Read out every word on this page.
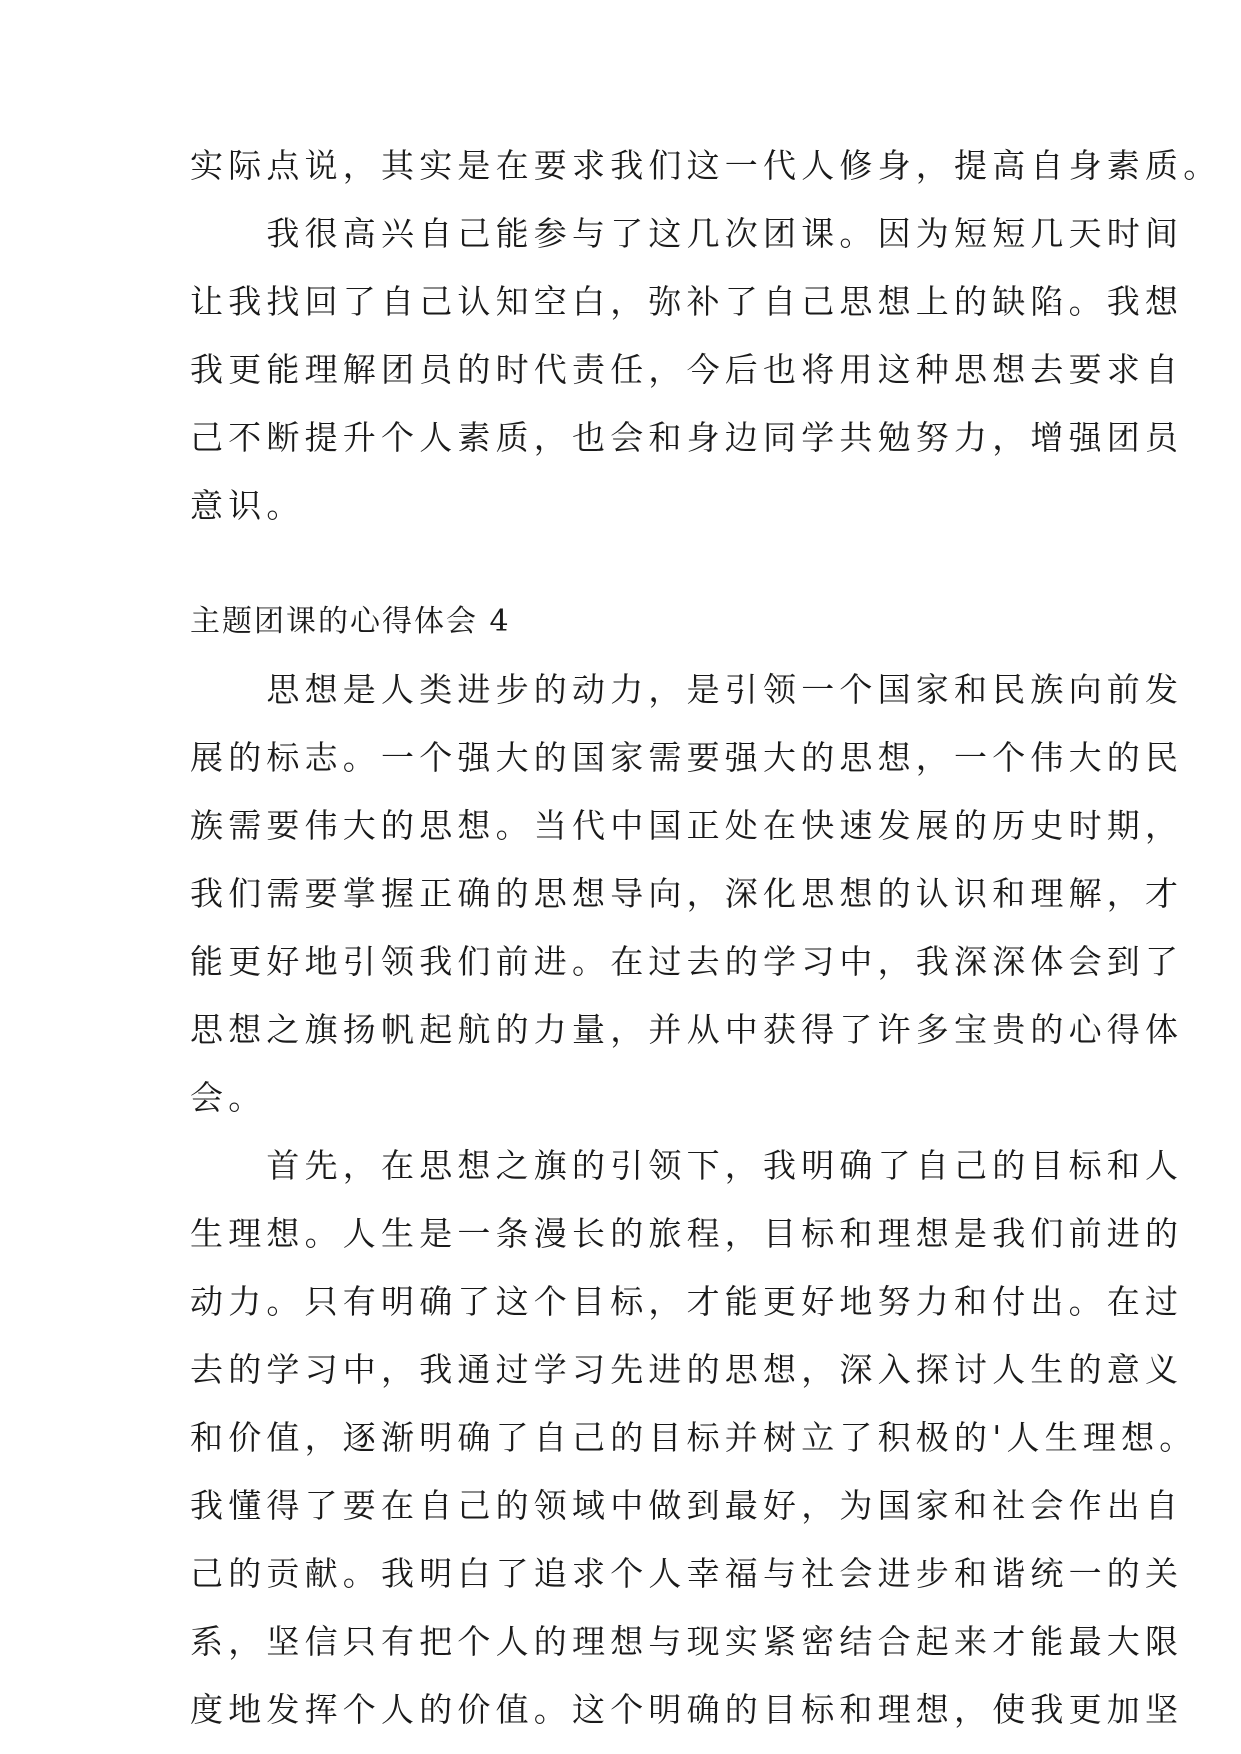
实际点说，其实是在要求我们这一代人修身，提高自身素质。
　　我很高兴自己能参与了这几次团课。因为短短几天时间
让我找回了自己认知空白，弥补了自己思想上的缺陷。我想
我更能理解团员的时代责任，今后也将用这种思想去要求自
己不断提升个人素质，也会和身边同学共勉努力，增强团员
意识。
主题团课的心得体会 4
　　思想是人类进步的动力，是引领一个国家和民族向前发
展的标志。一个强大的国家需要强大的思想，一个伟大的民
族需要伟大的思想。当代中国正处在快速发展的历史时期，
我们需要掌握正确的思想导向，深化思想的认识和理解，才
能更好地引领我们前进。在过去的学习中，我深深体会到了
思想之旗扬帆起航的力量，并从中获得了许多宝贵的心得体
会。
　　首先，在思想之旗的引领下，我明确了自己的目标和人
生理想。人生是一条漫长的旅程，目标和理想是我们前进的
动力。只有明确了这个目标，才能更好地努力和付出。在过
去的学习中，我通过学习先进的思想，深入探讨人生的意义
和价值，逐渐明确了自己的目标并树立了积极的'人生理想。
我懂得了要在自己的领域中做到最好，为国家和社会作出自
己的贡献。我明白了追求个人幸福与社会进步和谐统一的关
系，坚信只有把个人的理想与现实紧密结合起来才能最大限
度地发挥个人的价值。这个明确的目标和理想，使我更加坚
